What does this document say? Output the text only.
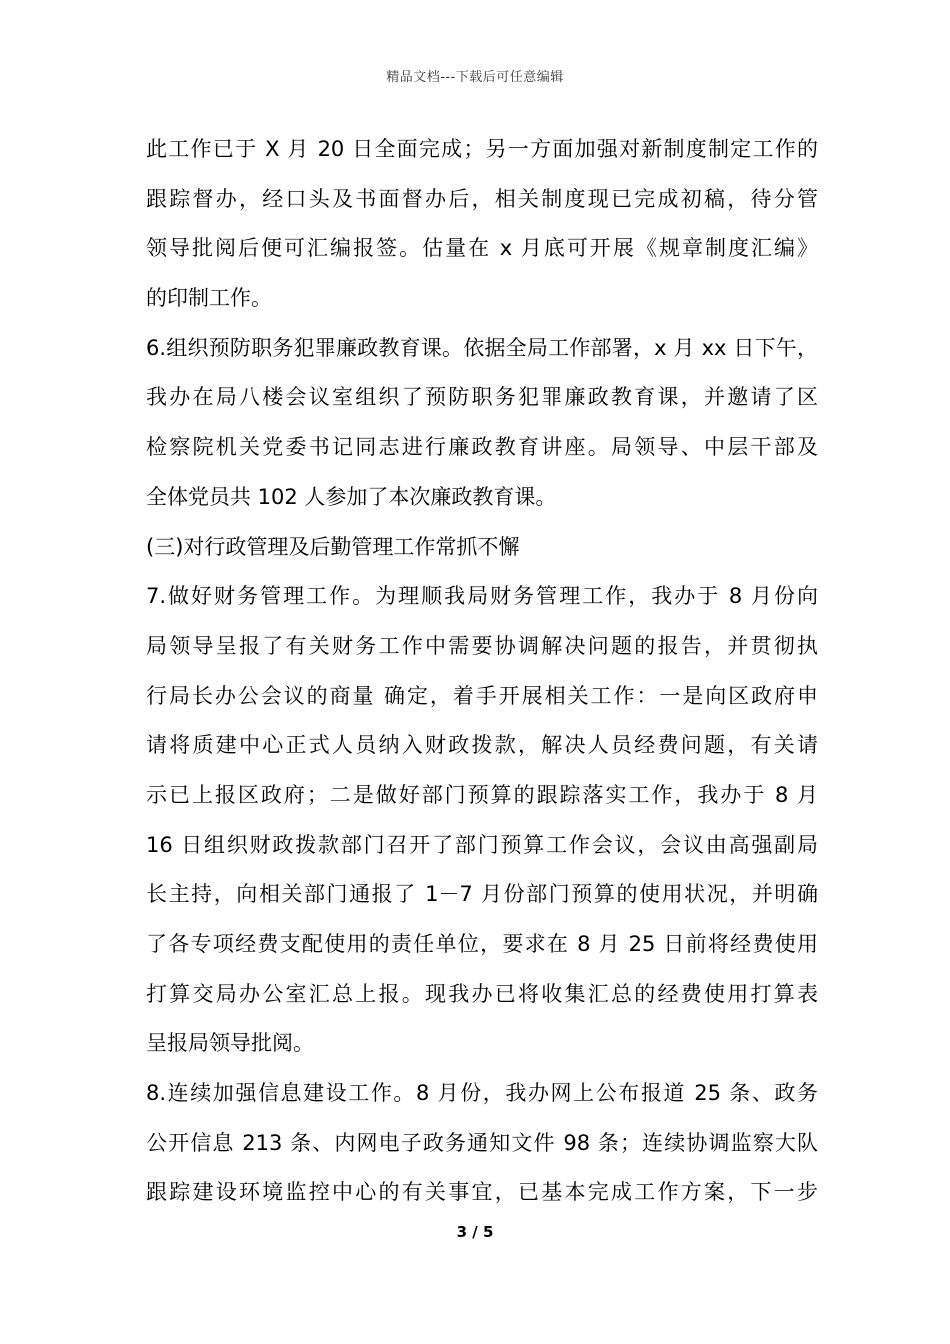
精品文档---下载后可任意编辑
此工作已于 X 月 20 日全面完成；另一方面加强对新制度制定工作的
跟踪督办，经口头及书面督办后，相关制度现已完成初稿，待分管
领导批阅后便可汇编报签。估量在 x 月底可开展《规章制度汇编》
的印制工作。
6.组织预防职务犯罪廉政教育课。依据全局工作部署，x 月 xx 日下午，
我办在局八楼会议室组织了预防职务犯罪廉政教育课，并邀请了区
检察院机关党委书记同志进行廉政教育讲座。局领导、中层干部及
全体党员共 102 人参加了本次廉政教育课。
(三)对行政管理及后勤管理工作常抓不懈
7.做好财务管理工作。为理顺我局财务管理工作，我办于 8 月份向
局领导呈报了有关财务工作中需要协调解决问题的报告，并贯彻执
行局长办公会议的商量 确定，着手开展相关工作：一是向区政府申
请将质建中心正式人员纳入财政拨款，解决人员经费问题，有关请
示已上报区政府；二是做好部门预算的跟踪落实工作，我办于 8 月
16 日组织财政拨款部门召开了部门预算工作会议，会议由高强副局
长主持，向相关部门通报了 1－7 月份部门预算的使用状况，并明确
了各专项经费支配使用的责任单位，要求在 8 月 25 日前将经费使用
打算交局办公室汇总上报。现我办已将收集汇总的经费使用打算表
呈报局领导批阅。
8.连续加强信息建设工作。8 月份，我办网上公布报道 25 条、政务
公开信息 213 条、内网电子政务通知文件 98 条；连续协调监察大队
跟踪建设环境监控中心的有关事宜，已基本完成工作方案，下一步
3 / 5
